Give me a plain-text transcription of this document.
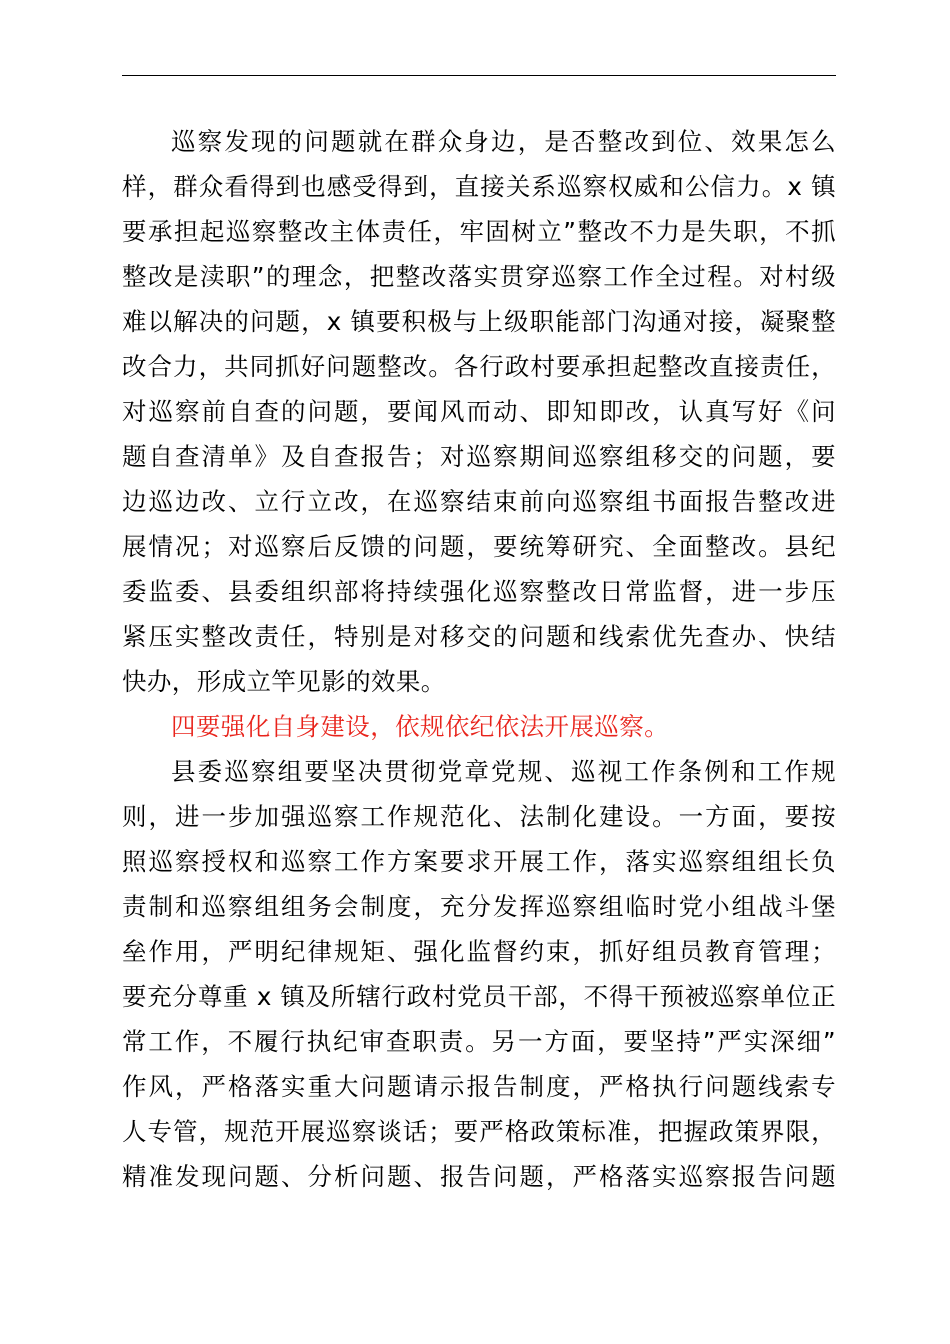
巡察发现的问题就在群众身边，是否整改到位、效果怎么
样，群众看得到也感受得到，直接关系巡察权威和公信力。x 镇
要承担起巡察整改主体责任，牢固树立”整改不力是失职，不抓
整改是渎职”的理念，把整改落实贯穿巡察工作全过程。对村级
难以解决的问题，x 镇要积极与上级职能部门沟通对接，凝聚整
改合力，共同抓好问题整改。各行政村要承担起整改直接责任，
对巡察前自查的问题，要闻风而动、即知即改，认真写好《问
题自查清单》及自查报告；对巡察期间巡察组移交的问题，要
边巡边改、立行立改，在巡察结束前向巡察组书面报告整改进
展情况；对巡察后反馈的问题，要统筹研究、全面整改。县纪
委监委、县委组织部将持续强化巡察整改日常监督，进一步压
紧压实整改责任，特别是对移交的问题和线索优先查办、快结
快办，形成立竿见影的效果。
四要强化自身建设，依规依纪依法开展巡察。
县委巡察组要坚决贯彻党章党规、巡视工作条例和工作规
则，进一步加强巡察工作规范化、法制化建设。一方面，要按
照巡察授权和巡察工作方案要求开展工作，落实巡察组组长负
责制和巡察组组务会制度，充分发挥巡察组临时党小组战斗堡
垒作用，严明纪律规矩、强化监督约束，抓好组员教育管理；
要充分尊重 x 镇及所辖行政村党员干部，不得干预被巡察单位正
常工作，不履行执纪审查职责。另一方面，要坚持”严实深细”
作风，严格落实重大问题请示报告制度，严格执行问题线索专
人专管，规范开展巡察谈话；要严格政策标准，把握政策界限，
精准发现问题、分析问题、报告问题，严格落实巡察报告问题
